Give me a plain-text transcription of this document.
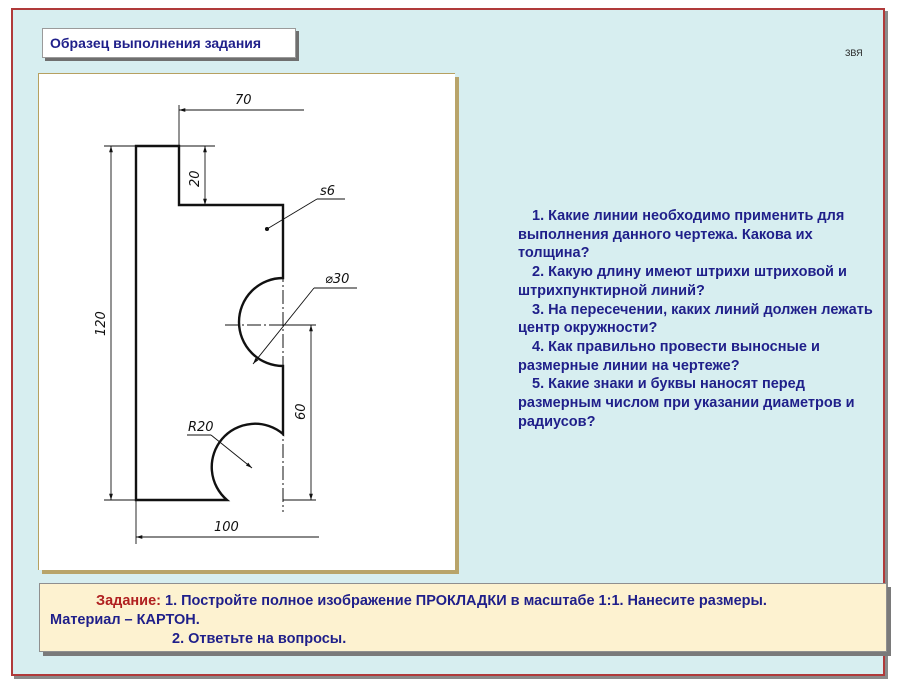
Образец выполнения задания
ЗВЯ
70
20
s6
⌀30
120
R20
60
100

1. Какие линии необходимо применить для выполнения данного чертежа. Какова их толщина?

2. Какую длину имеют штрихи штриховой и штрихпунктирной линий?

3. На пересечении, каких линий должен лежать центр окружности?

4. Как правильно провести выносные и размерные линии на чертеже?

5. Какие знаки и буквы наносят перед размерным числом при указании диаметров и радиусов?

Задание: 1. Постройте полное изображение ПРОКЛАДКИ в масштабе 1:1. Нанесите размеры.
Материал – КАРТОН.
2. Ответьте на вопросы.
